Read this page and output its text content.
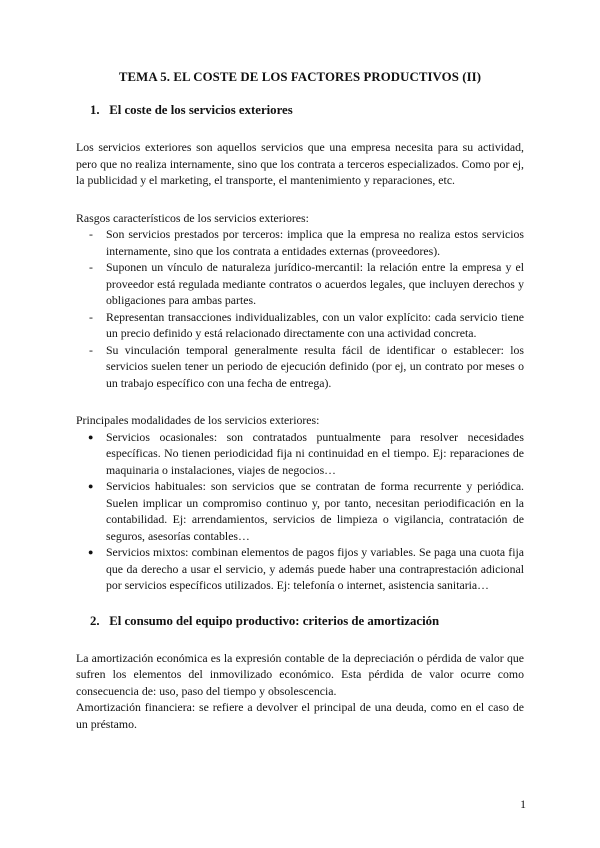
TEMA 5. EL COSTE DE LOS FACTORES PRODUCTIVOS (II)
1. El coste de los servicios exteriores

Los servicios exteriores son aquellos servicios que una empresa necesita para su actividad, pero que no realiza internamente, sino que los contrata a terceros especializados. Como por ej, la publicidad y el marketing, el transporte, el mantenimiento y reparaciones, etc.

Rasgos característicos de los servicios exteriores:

- Son servicios prestados por terceros: implica que la empresa no realiza estos servicios internamente, sino que los contrata a entidades externas (proveedores).
- Suponen un vínculo de naturaleza jurídico-mercantil: la relación entre la empresa y el proveedor está regulada mediante contratos o acuerdos legales, que incluyen derechos y obligaciones para ambas partes.
- Representan transacciones individualizables, con un valor explícito: cada servicio tiene un precio definido y está relacionado directamente con una actividad concreta.
- Su vinculación temporal generalmente resulta fácil de identificar o establecer: los servicios suelen tener un periodo de ejecución definido (por ej, un contrato por meses o un trabajo específico con una fecha de entrega).

Principales modalidades de los servicios exteriores:

● Servicios ocasionales: son contratados puntualmente para resolver necesidades específicas. No tienen periodicidad fija ni continuidad en el tiempo. Ej: reparaciones de maquinaria o instalaciones, viajes de negocios…
● Servicios habituales: son servicios que se contratan de forma recurrente y periódica. Suelen implicar un compromiso continuo y, por tanto, necesitan periodificación en la contabilidad. Ej: arrendamientos, servicios de limpieza o vigilancia, contratación de seguros, asesorías contables…
● Servicios mixtos: combinan elementos de pagos fijos y variables. Se paga una cuota fija que da derecho a usar el servicio, y además puede haber una contraprestación adicional por servicios específicos utilizados. Ej: telefonía o internet, asistencia sanitaria…
2. El consumo del equipo productivo: criterios de amortización

La amortización económica es la expresión contable de la depreciación o pérdida de valor que sufren los elementos del inmovilizado económico. Esta pérdida de valor ocurre como consecuencia de: uso, paso del tiempo y obsolescencia.

Amortización financiera: se refiere a devolver el principal de una deuda, como en el caso de un préstamo.

1
